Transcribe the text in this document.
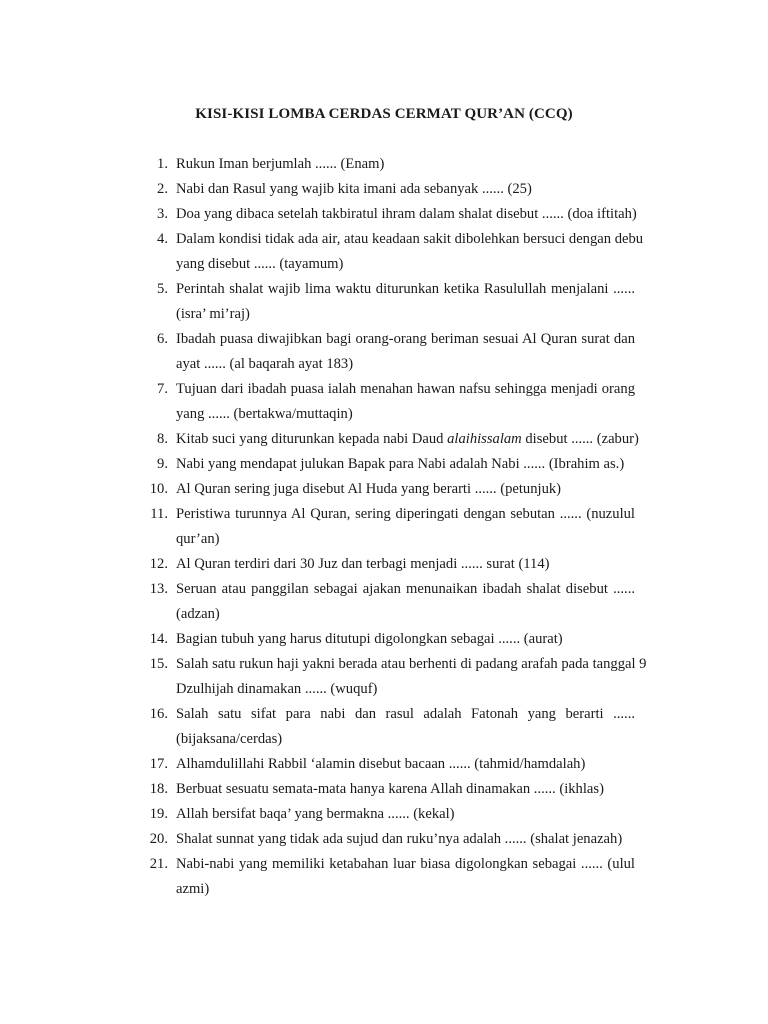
KISI-KISI LOMBA CERDAS CERMAT QUR’AN (CCQ)
1. Rukun Iman berjumlah ...... (Enam)
2. Nabi dan Rasul yang wajib kita imani ada sebanyak ...... (25)
3. Doa yang dibaca setelah takbiratul ihram dalam shalat disebut ...... (doa iftitah)
4. Dalam kondisi tidak ada air, atau keadaan sakit dibolehkan bersuci dengan debu
yang disebut ...... (tayamum)
5. Perintah shalat wajib lima waktu diturunkan ketika Rasulullah menjalani ......
(isra’ mi’raj)
6. Ibadah puasa diwajibkan bagi orang-orang beriman sesuai Al Quran surat dan
ayat ...... (al baqarah ayat 183)
7. Tujuan dari ibadah puasa ialah menahan hawan nafsu sehingga menjadi orang
yang ...... (bertakwa/muttaqin)
8. Kitab suci yang diturunkan kepada nabi Daud alaihissalam disebut ...... (zabur)
9. Nabi yang mendapat julukan Bapak para Nabi adalah Nabi ...... (Ibrahim as.)
10. Al Quran sering juga disebut Al Huda yang berarti ...... (petunjuk)
11. Peristiwa turunnya Al Quran, sering diperingati dengan sebutan ...... (nuzulul
qur’an)
12. Al Quran terdiri dari 30 Juz dan terbagi menjadi ...... surat (114)
13. Seruan atau panggilan sebagai ajakan menunaikan ibadah shalat disebut ......
(adzan)
14. Bagian tubuh yang harus ditutupi digolongkan sebagai ...... (aurat)
15. Salah satu rukun haji yakni berada atau berhenti di padang arafah pada tanggal 9
Dzulhijah dinamakan ...... (wuquf)
16. Salah satu sifat para nabi dan rasul adalah Fatonah yang berarti ......
(bijaksana/cerdas)
17. Alhamdulillahi Rabbil ‘alamin disebut bacaan ...... (tahmid/hamdalah)
18. Berbuat sesuatu semata-mata hanya karena Allah dinamakan ...... (ikhlas)
19. Allah bersifat baqa’ yang bermakna ...... (kekal)
20. Shalat sunnat yang tidak ada sujud dan ruku’nya adalah ...... (shalat jenazah)
21. Nabi-nabi yang memiliki ketabahan luar biasa digolongkan sebagai ...... (ulul
azmi)
